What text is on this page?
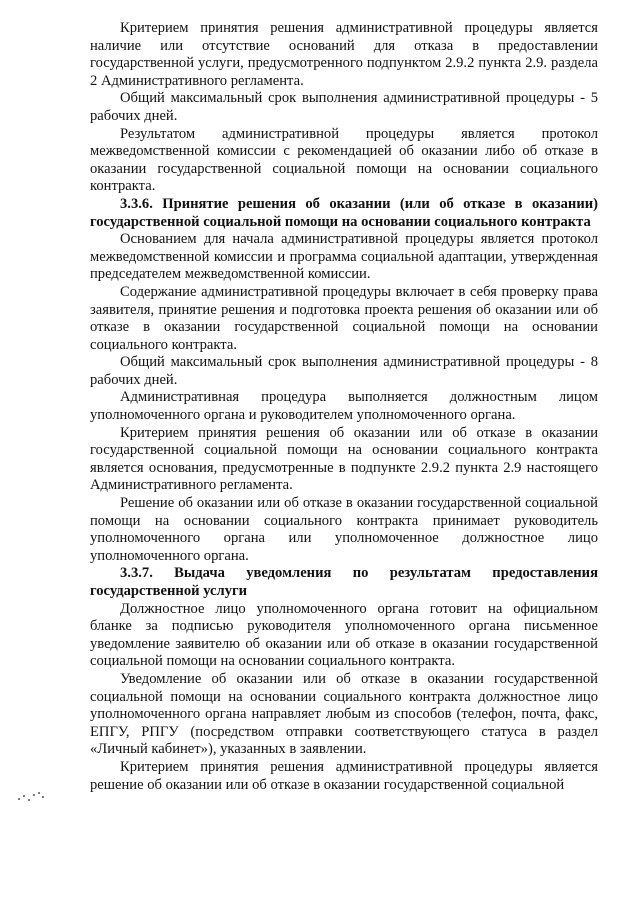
Критерием принятия решения административной процедуры является наличие или отсутствие оснований для отказа в предоставлении государственной услуги, предусмотренного подпунктом 2.9.2 пункта 2.9. раздела 2 Административного регламента.

Общий максимальный срок выполнения административной процедуры - 5 рабочих дней.

Результатом административной процедуры является протокол межведомственной комиссии с рекомендацией об оказании либо об отказе в оказании государственной социальной помощи на основании социального контракта.

3.3.6. Принятие решения об оказании (или об отказе в оказании) государственной социальной помощи на основании социального контракта

Основанием для начала административной процедуры является протокол межведомственной комиссии и программа социальной адаптации, утвержденная председателем межведомственной комиссии.

Содержание административной процедуры включает в себя проверку права заявителя, принятие решения и подготовка проекта решения об оказании или об отказе в оказании государственной социальной помощи на основании социального контракта.

Общий максимальный срок выполнения административной процедуры - 8 рабочих дней.

Административная процедура выполняется должностным лицом уполномоченного органа и руководителем уполномоченного органа.

Критерием принятия решения об оказании или об отказе в оказании государственной социальной помощи на основании социального контракта является основания, предусмотренные в подпункте 2.9.2 пункта 2.9 настоящего Административного регламента.

Решение об оказании или об отказе в оказании государственной социальной помощи на основании социального контракта принимает руководитель уполномоченного органа или уполномоченное должностное лицо уполномоченного органа.

3.3.7. Выдача уведомления по результатам предоставления государственной услуги

Должностное лицо уполномоченного органа готовит на официальном бланке за подписью руководителя уполномоченного органа письменное уведомление заявителю об оказании или об отказе в оказании государственной социальной помощи на основании социального контракта.

Уведомление об оказании или об отказе в оказании государственной социальной помощи на основании социального контракта должностное лицо уполномоченного органа направляет любым из способов (телефон, почта, факс, ЕПГУ, РПГУ (посредством отправки соответствующего статуса в раздел «Личный кабинет»), указанных в заявлении.

Критерием принятия решения административной процедуры является решение об оказании или об отказе в оказании государственной социальной
